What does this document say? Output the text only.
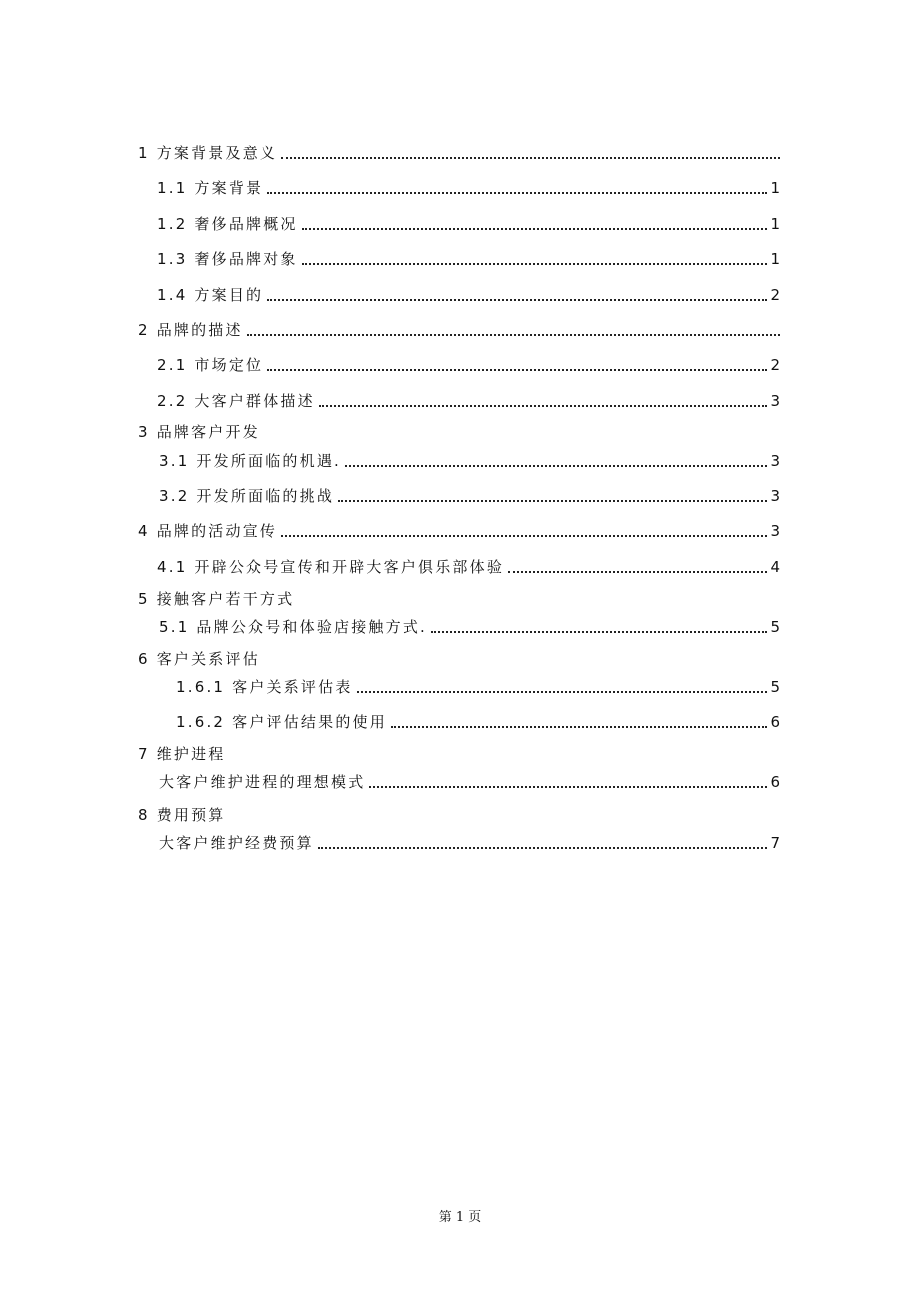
1 方案背景及意义
1.1 方案背景	1
1.2 奢侈品牌概况	1
1.3 奢侈品牌对象	1
1.4 方案目的	2
2 品牌的描述
2.1 市场定位	2
2.2 大客户群体描述	3
3 品牌客户开发
3.1 开发所面临的机遇.	3
3.2 开发所面临的挑战	3
4 品牌的活动宣传	3
4.1 开辟公众号宣传和开辟大客户俱乐部体验	4
5 接触客户若干方式
5.1 品牌公众号和体验店接触方式.	5
6 客户关系评估
1.6.1 客户关系评估表	5
1.6.2 客户评估结果的使用	6
7 维护进程
大客户维护进程的理想模式	6
8 费用预算
大客户维护经费预算	7
第 1 页
